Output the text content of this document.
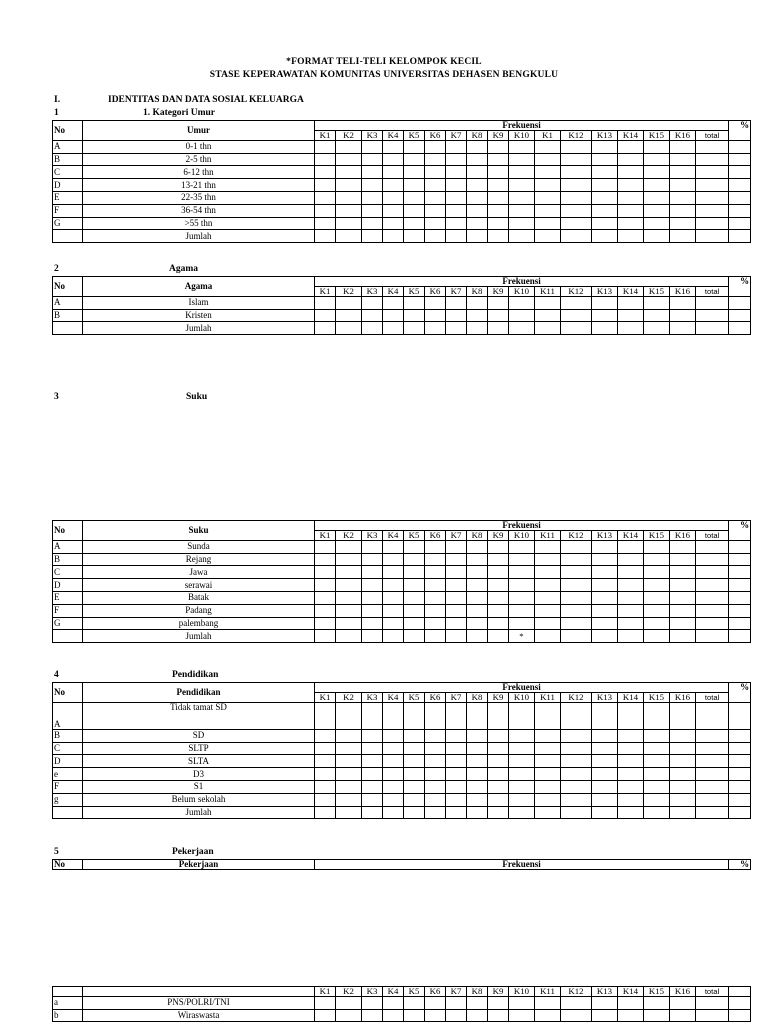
*FORMAT TELI-TELI KELOMPOK KECIL
STASE KEPERAWATAN KOMUNITAS UNIVERSITAS DEHASEN BENGKULU
I.	IDENTITAS DAN DATA SOSIAL KELUARGA
1	1. Kategori Umur
No	Umur	Frekuensi																	%
		K1	K2	K3	K4	K5	K6	K7	K8	K9	K10	K1	K12	K13	K14	K15	K16	total	
A	0-1 thn																		
B	2-5 thn																		
C	6-12 thn																		
D	13-21 thn																		
E	22-35 thn																		
F	36-54 thn																		
G	>55 thn																		
	Jumlah																		
2	Agama
No	Agama	Frekuensi																	%
		K1	K2	K3	K4	K5	K6	K7	K8	K9	K10	K11	K12	K13	K14	K15	K16	total	
A	Islam																		
B	Kristen																		
	Jumlah																		
3	Suku
No	Suku	Frekuensi																	%
		K1	K2	K3	K4	K5	K6	K7	K8	K9	K10	K11	K12	K13	K14	K15	K16	total	
A	Sunda																		
B	Rejang																		
C	Jawa																		
D	serawai																		
E	Batak																		
F	Padang																		
G	palembang																		
	Jumlah										*								
4	Pendidikan
No	Pendidikan	Frekuensi																	%
		K1	K2	K3	K4	K5	K6	K7	K8	K9	K10	K11	K12	K13	K14	K15	K16	total	
A	Tidak tamat SD																		
B	SD																		
C	SLTP																		
D	SLTA																		
e	D3																		
F	S1																		
g	Belum sekolah																		
	Jumlah																		
5	Pekerjaan
No	Pekerjaan	Frekuensi	%
		K1	K2	K3	K4	K5	K6	K7	K8	K9	K10	K11	K12	K13	K14	K15	K16	total	
a	PNS/POLRI/TNI																		
b	Wiraswasta																		
